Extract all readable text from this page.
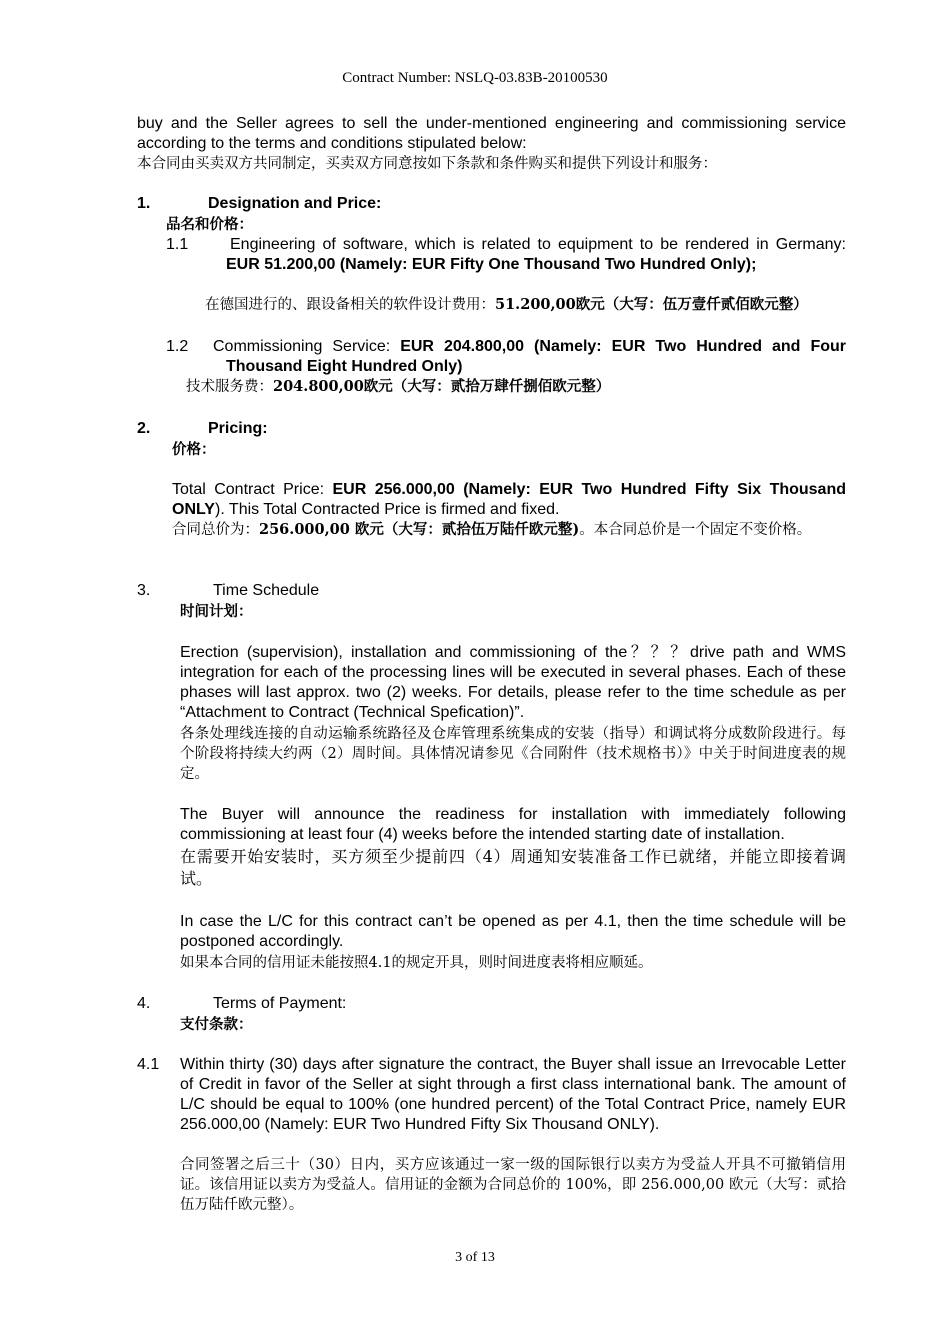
Contract Number: NSLQ-03.83B-20100530
buy and the Seller agrees to sell the under-mentioned engineering and commissioning service according to the terms and conditions stipulated below:
本合同由买卖双方共同制定，买卖双方同意按如下条款和条件购买和提供下列设计和服务：
1.	Designation and Price:
品名和价格：
1.1	Engineering of software, which is related to equipment to be rendered in Germany: EUR 51.200,00 (Namely: EUR Fifty One Thousand Two Hundred Only);
在德国进行的、跟设备相关的软件设计费用：51.200,00欧元（大写：伍万壹仟贰佰欧元整）
1.2 Commissioning Service: EUR 204.800,00 (Namely: EUR Two Hundred and Four Thousand Eight Hundred Only)
技术服务费：204.800,00欧元（大写：贰拾万肆仟捌佰欧元整）
2.	Pricing:
价格：
Total Contract Price: EUR 256.000,00 (Namely: EUR Two Hundred Fifty Six Thousand ONLY). This Total Contracted Price is firmed and fixed.
合同总价为：256.000,00 欧元（大写：贰拾伍万陆仟欧元整)。本合同总价是一个固定不变价格。
3.	Time Schedule
时间计划：
Erection (supervision), installation and commissioning of the？？？drive path and WMS integration for each of the processing lines will be executed in several phases. Each of these phases will last approx. two (2) weeks. For details, please refer to the time schedule as per “Attachment to Contract (Technical Spefication)”.
各条处理线连接的自动运输系统路径及仓库管理系统集成的安装（指导）和调试将分成数阶段进行。每个阶段将持续大约两（2）周时间。具体情况请参见《合同附件（技术规格书）》中关于时间进度表的规定。
The Buyer will announce the readiness for installation with immediately following commissioning at least four (4) weeks before the intended starting date of installation.
在需要开始安装时，买方须至少提前四（4）周通知安装准备工作已就绪，并能立即接着调试。
In case the L/C for this contract can’t be opened as per 4.1, then the time schedule will be postponed accordingly.
如果本合同的信用证未能按照4.1的规定开具，则时间进度表将相应顺延。
4.	Terms of Payment:
支付条款：
4.1 Within thirty (30) days after signature the contract, the Buyer shall issue an Irrevocable Letter of Credit in favor of the Seller at sight through a first class international bank. The amount of L/C should be equal to 100% (one hundred percent) of the Total Contract Price, namely EUR 256.000,00 (Namely: EUR Two Hundred Fifty Six Thousand ONLY).
合同签署之后三十（30）日内，买方应该通过一家一级的国际银行以卖方为受益人开具不可撤销信用证。该信用证以卖方为受益人。信用证的金额为合同总价的 100%，即 256.000,00 欧元（大写：贰拾伍万陆仟欧元整）。
3 of 13
